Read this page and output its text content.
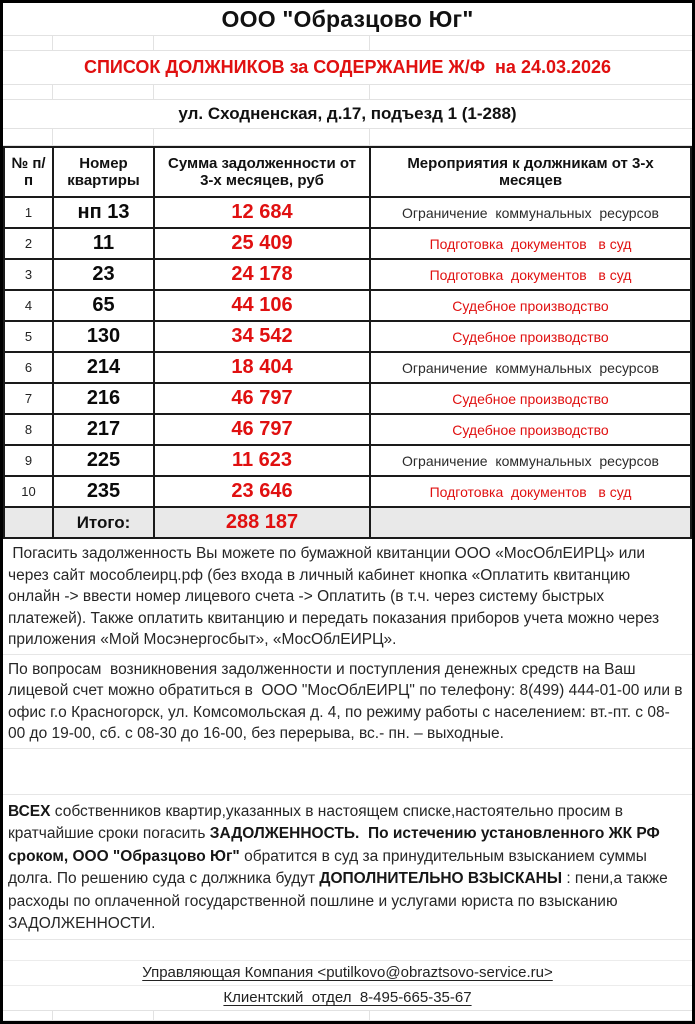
ООО "Образцово Юг"
СПИСОК ДОЛЖНИКОВ за СОДЕРЖАНИЕ Ж/Ф  на 24.03.2026
ул. Сходненская, д.17, подъезд 1 (1-288)
№ п/п	Номер квартиры	Сумма задолженности от 3-х месяцев, руб	Мероприятия к должникам от 3-х месяцев
1	нп 13	12 684	Ограничение  коммунальных  ресурсов
2	11	25 409	Подготовка  документов   в суд
3	23	24 178	Подготовка  документов   в суд
4	65	44 106	Судебное производство
5	130	34 542	Судебное производство
6	214	18 404	Ограничение  коммунальных  ресурсов
7	216	46 797	Судебное производство
8	217	46 797	Судебное производство
9	225	11 623	Ограничение  коммунальных  ресурсов
10	235	23 646	Подготовка  документов   в суд
	Итого:	288 187	
Погасить задолженность Вы можете по бумажной квитанции ООО «МосОблЕИРЦ» или через сайт мособлеирц.рф (без входа в личный кабинет кнопка «Оплатить квитанцию онлайн -> ввести номер лицевого счета -> Оплатить (в т.ч. через систему быстрых платежей). Также оплатить квитанцию и передать показания приборов учета можно через приложения «Мой Мосэнергосбыт», «МосОблЕИРЦ».
По вопросам  возникновения задолженности и поступления денежных средств на Ваш лицевой счет можно обратиться в  ООО "МосОблЕИРЦ" по телефону: 8(499) 444-01-00 или в офис г.о Красногорск, ул. Комсомольская д. 4, по режиму работы с населением: вт.-пт. с 08-00 до 19-00, сб. с 08-30 до 16-00, без перерыва, вс.- пн. – выходные.
ВСЕХ собственников квартир,указанных в настоящем списке,настоятельно просим в кратчайшие сроки погасить ЗАДОЛЖЕННОСТЬ. По истечению установленного ЖК РФ сроком, ООО "Образцово Юг" обратится в суд за принудительным взысканием суммы долга. По решению суда с должника будут ДОПОЛНИТЕЛЬНО ВЗЫСКАНЫ : пени,а также расходы по оплаченной государственной пошлине и услугами юриста по взысканию ЗАДОЛЖЕННОСТИ.
Управляющая Компания <putilkovo@obraztsovo-service.ru>
Клиентский  отдел  8-495-665-35-67
